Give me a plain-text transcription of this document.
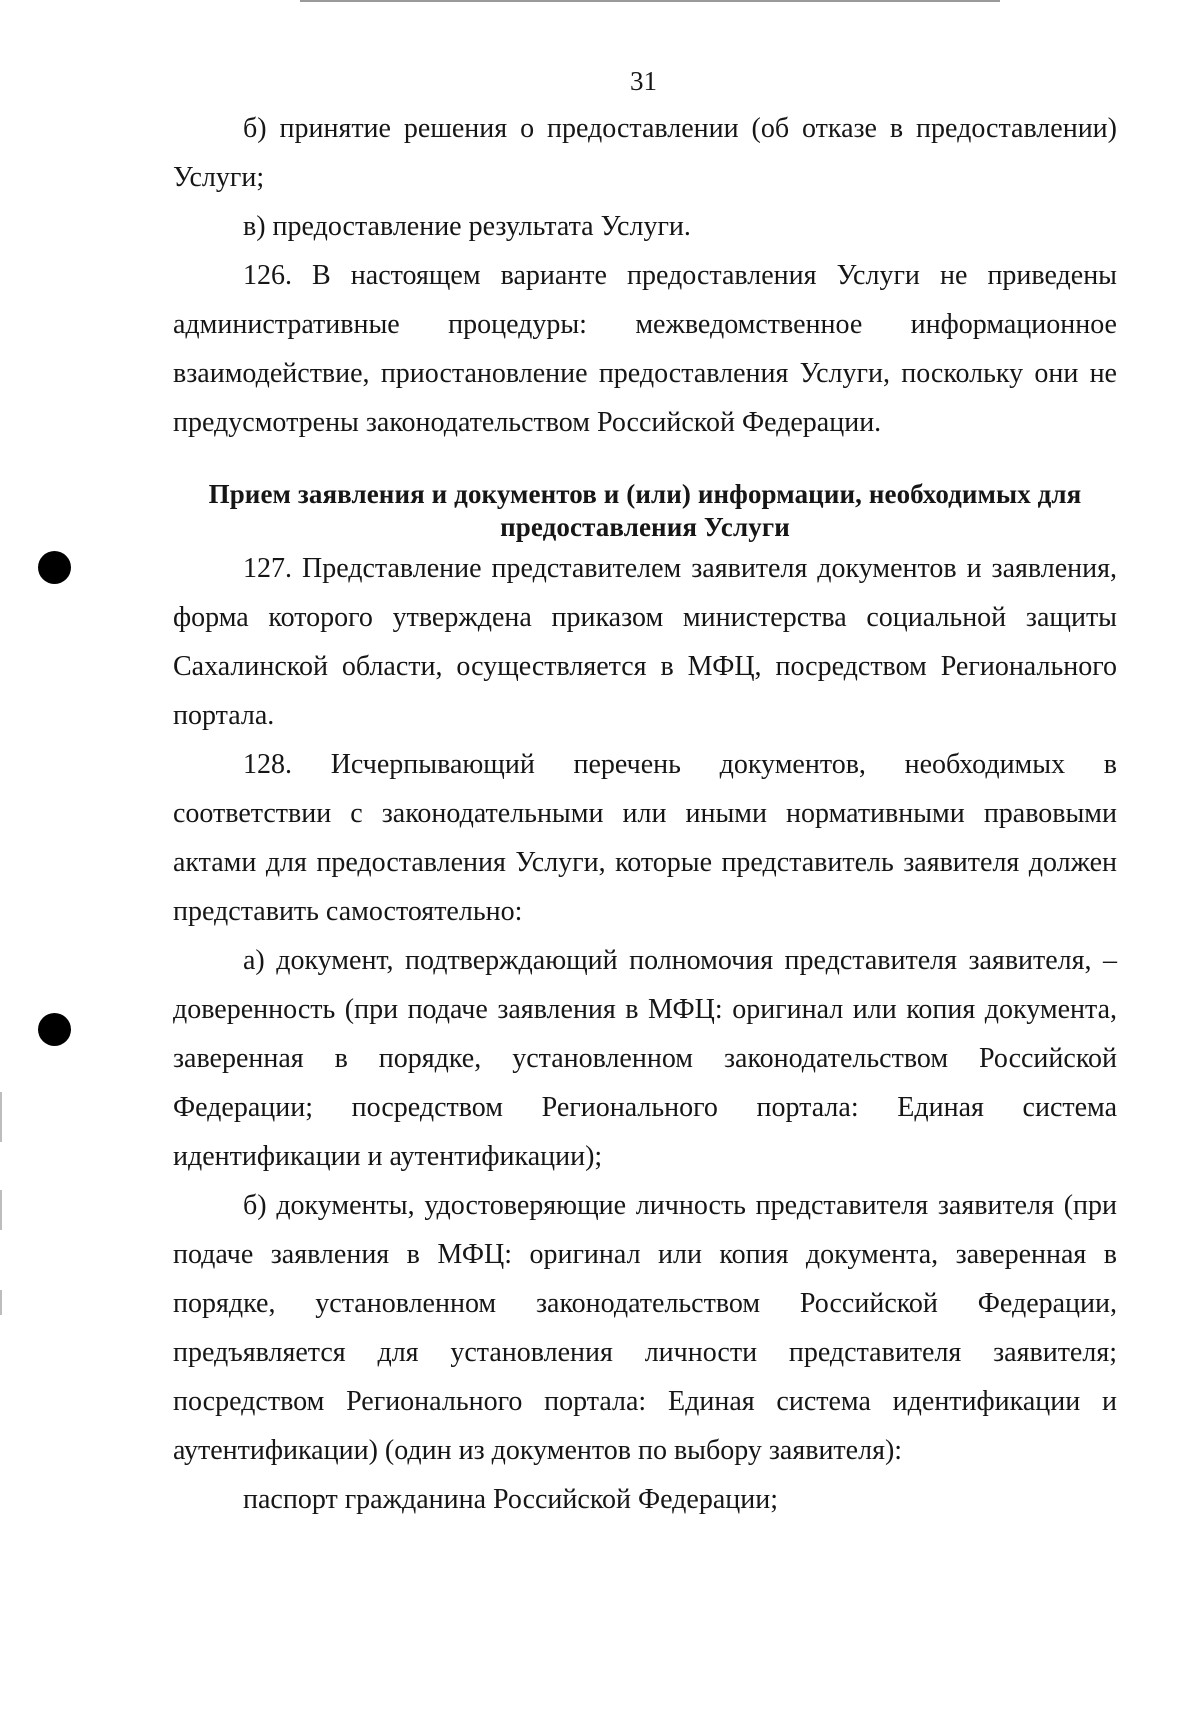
31

б) принятие решения о предоставлении (об отказе в предоставлении) Услуги;

в) предоставление результата Услуги.

126. В настоящем варианте предоставления Услуги не приведены административные процедуры: межведомственное информационное взаимодействие, приостановление предоставления Услуги, поскольку они не предусмотрены законодательством Российской Федерации.

Прием заявления и документов и (или) информации, необходимых для
предоставления Услуги

127. Представление представителем заявителя документов и заявления, форма которого утверждена приказом министерства социальной защиты Сахалинской области, осуществляется в МФЦ, посредством Регионального портала.

128. Исчерпывающий перечень документов, необходимых в соответствии с законодательными или иными нормативными правовыми актами для предоставления Услуги, которые представитель заявителя должен представить самостоятельно:

а) документ, подтверждающий полномочия представителя заявителя, – доверенность (при подаче заявления в МФЦ: оригинал или копия документа, заверенная в порядке, установленном законодательством Российской Федерации; посредством Регионального портала: Единая система идентификации и аутентификации);

б) документы, удостоверяющие личность представителя заявителя (при подаче заявления в МФЦ: оригинал или копия документа, заверенная в порядке, установленном законодательством Российской Федерации, предъявляется для установления личности представителя заявителя; посредством Регионального портала: Единая система идентификации и аутентификации) (один из документов по выбору заявителя):

паспорт гражданина Российской Федерации;
